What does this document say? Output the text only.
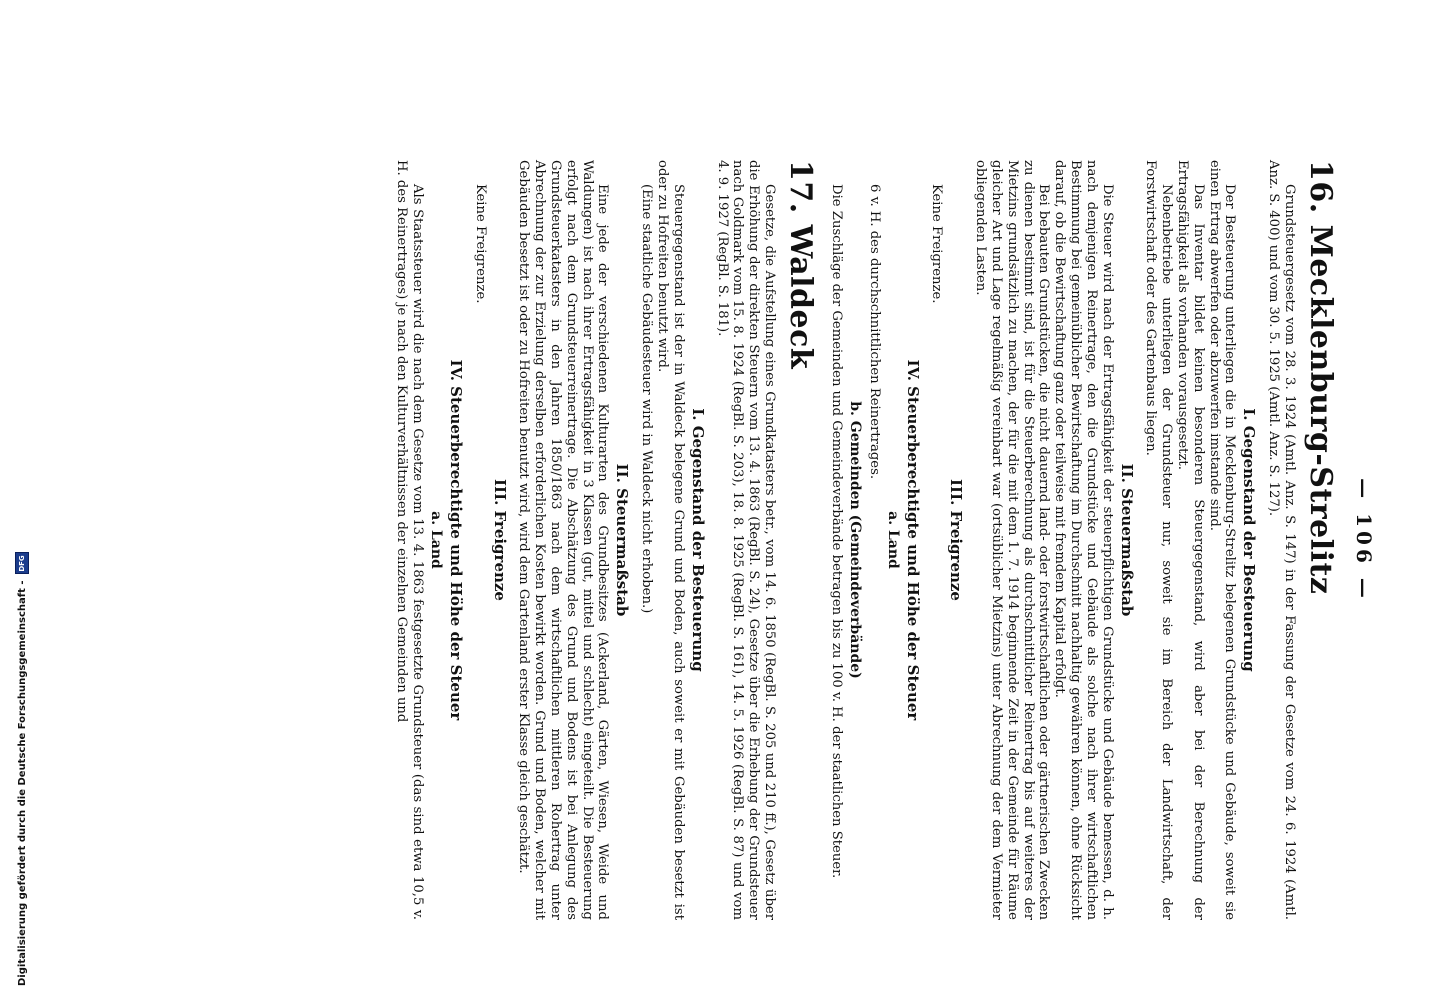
— 106 —
16. Mecklenburg-Strelitz

Grundsteuergesetz vom 28. 3. 1924 (Amtl. Anz. S. 147) in der Fassung der Gesetze vom 24. 6. 1924 (Amtl. Anz. S. 400) und vom 30. 5. 1925 (Amtl. Anz. S. 127).

I. Gegenstand der Besteuerung

Der Besteuerung unterliegen die in Mecklenburg-Strelitz belegenen Grundstücke und Gebäude, soweit sie einen Ertrag abwerfen oder abzuwerfen imstande sind.

Das Inventar bildet keinen besonderen Steuergegenstand, wird aber bei der Berechnung der Ertragsfähigkeit als vorhanden vorausgesetzt.

Nebenbetriebe unterliegen der Grundsteuer nur, soweit sie im Bereich der Landwirtschaft, der Forstwirtschaft oder des Gartenbaus liegen.

II. Steuermaßstab

Die Steuer wird nach der Ertragsfähigkeit der steuerpflichtigen Grundstücke und Gebäude bemessen, d. h. nach demjenigen Reinertrage, den die Grundstücke und Gebäude als solche nach ihrer wirtschaftlichen Bestimmung bei gemeinüblicher Bewirtschaftung im Durchschnitt nachhaltig gewähren können, ohne Rücksicht darauf, ob die Bewirtschaftung ganz oder teilweise mit fremdem Kapital erfolgt.

Bei bebauten Grundstücken, die nicht dauernd land- oder forstwirtschaftlichen oder gärtnerischen Zwecken zu dienen bestimmt sind, ist für die Steuerberechnung als durchschnittlicher Reinertrag bis auf weiteres der Mietzins grundsätzlich zu machen, der für die mit dem 1. 7. 1914 beginnende Zeit in der Gemeinde für Räume gleicher Art und Lage regelmäßig vereinbart war (ortsüblicher Mietzins) unter Abrechnung der dem Vermieter obliegenden Lasten.

III. Freigrenze

Keine Freigrenze.

IV. Steuerberechtigte und Höhe der Steuer
a. Land

6 v. H. des durchschnittlichen Reinertrages.

b. Gemeinden (Gemeindeverbände)

Die Zuschläge der Gemeinden und Gemeindeverbände betragen bis zu 100 v. H. der staatlichen Steuer.

17. Waldeck

Gesetze, die Aufstellung eines Grundkatasters betr., vom 14. 6. 1850 (RegBl. S. 205 und 210 ff.), Gesetz über die Erhöhung der direkten Steuern vom 13. 4. 1863 (RegBl. S. 24), Gesetze über die Erhebung der Grundsteuer nach Goldmark vom 15. 8. 1924 (RegBl. S. 203), 18. 8. 1925 (RegBl. S. 161), 14. 5. 1926 (RegBl. S. 87) und vom 4. 9. 1927 (RegBl. S. 181).

I. Gegenstand der Besteuerung

Steuergegenstand ist der in Waldeck belegene Grund und Boden, auch soweit er mit Gebäuden besetzt ist oder zu Hofreiten benutzt wird.

(Eine staatliche Gebäudesteuer wird in Waldeck nicht erhoben.)

II. Steuermaßstab

Eine jede der verschiedenen Kulturarten des Grundbesitzes (Ackerland, Gärten, Wiesen, Weide und Waldungen) ist nach ihrer Ertragsfähigkeit in 3 Klassen (gut, mittel und schlecht) eingeteilt. Die Besteuerung erfolgt nach dem Grundsteuerreinertrage. Die Abschätzung des Grund und Bodens ist bei Anlegung des Grundsteuerkatasters in den Jahren 1850/1863 nach dem wirtschaftlichen mittleren Rohertrag unter Abrechnung der zur Erzielung derselben erforderlichen Kosten bewirkt worden. Grund und Boden, welcher mit Gebäuden besetzt ist oder zu Hofreiten benutzt wird, wird dem Gartenland erster Klasse gleich geschätzt.

III. Freigrenze

Keine Freigrenze.

IV. Steuerberechtigte und Höhe der Steuer
a. Land

Als Staatssteuer wird die nach dem Gesetze vom 13. 4. 1863 festgesetzte Grundsteuer (das sind etwa 10,5 v. H. des Reinertrages) je nach den Kulturverhältnissen der einzelnen Gemeinden und

Digitalisierung gefördert durch die Deutsche Forschungsgemeinschaft -
DFG
